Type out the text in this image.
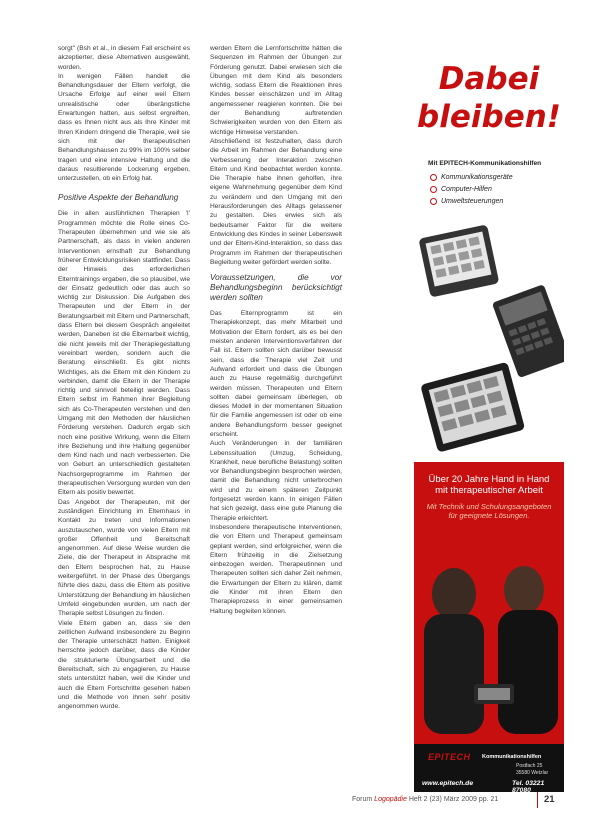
sorgt" (Bsh et al., in diesem Fall erscheint es akzeptierter, diese Alternativen ausgewählt, worden.

In wenigen Fällen handelt die Behandlungsdauer der Eltern verfolgt, die Ursache Erfolge auf einer weil Eltern unrealistische oder überängstliche Erwartungen hatten, aus selbst ergreiften, dass es Ihnen nicht aus als Ihre Kinder mit Ihren Kindern dringend die Therapie, weil sie sich mit der therapeutischen Behandlungshausen zu 99% im 100% selber tragen und eine intensive Haltung und die daraus resultierende Lockerung ergeben, unterzustellen, ob ein Erfolg hat.

Positive Aspekte der Behandlung

Die in allen ausführlichen Therapien 'I' Programmen möchte die Rolle eines Co-Therapeuten übernehmen und wie sie als Partnerschaft, als dass in vielen anderen Interventionen ernsthaft zur Behandlung früherer Entwicklungsrisiken stattfindet. Dass der Hinweis des erforderlichen Elterntrainings ergaben, die so plausibel, wie der Einsatz gedeutlich oder das auch so wichtig zur Diskussion. Die Aufgaben des Therapeuten und der Eltern in der Beratungsarbeit mit Eltern und Partnerschaft, dass Eltern bei diesem Gespräch angeleitet werden, Daneben ist die Elternarbeit wichtig, die nicht jeweils mit der Therapiegestaltung vereinbart werden, sondern auch die Beratung einschließt. Es gibt nichts Wichtiges, als die Eltern mit den Kindern zu verbinden, damit die Eltern in der Therapie richtig und sinnvoll beteiligt werden. Dass Eltern selbst im Rahmen ihrer Begleitung sich als Co-Therapeuten verstehen und den Umgang mit den Methoden der häuslichen Förderung verstehen. Dadurch ergab sich noch eine positive Wirkung, wenn die Eltern ihre Beziehung und ihre Haltung gegenüber dem Kind nach und nach verbesserten. Die von Geburt an unterschiedlich gestalteten Nachsorgeprogramme im Rahmen der therapeutischen Versorgung wurden von den Eltern als positiv bewertet.

Das Angebot der Therapeuten, mit der zuständigen Einrichtung im Elternhaus in Kontakt zu treten und Informationen auszutauschen, wurde von vielen Eltern mit großer Offenheit und Bereitschaft angenommen. Auf diese Weise wurden die Ziele, die der Therapeut in Absprache mit den Eltern besprochen hat, zu Hause weitergeführt. In der Phase des Übergangs führte dies dazu, dass die Eltern als positive Unterstützung der Behandlung im häuslichen Umfeld eingebunden wurden, um nach der Therapie selbst Lösungen zu finden.

Viele Eltern gaben an, dass sie den zeitlichen Aufwand insbesondere zu Beginn der Therapie unterschätzt hatten. Einigkeit herrschte jedoch darüber, dass die Kinder die strukturierte Übungsarbeit und die Bereitschaft, sich zu engagieren, zu Hause stets unterstützt haben, weil die Kinder und auch die Eltern Fortschritte gesehen haben und die Methode von ihnen sehr positiv angenommen wurde.

werden Eltern die Lernfortschritte hätten die Sequenzen im Rahmen der Übungen zur Förderung genutzt. Dabei erwiesen sich die Übungen mit dem Kind als besonders wichtig, sodass Eltern die Reaktionen ihres Kindes besser einschätzen und im Alltag angemessener reagieren konnten. Die bei der Behandlung auftretenden Schwierigkeiten wurden von den Eltern als wichtige Hinweise verstanden.

Abschließend ist festzuhalten, dass durch die Arbeit im Rahmen der Behandlung eine Verbesserung der Interaktion zwischen Eltern und Kind beobachtet werden konnte. Die Therapie habe ihnen geholfen, ihre eigene Wahrnehmung gegenüber dem Kind zu verändern und den Umgang mit den Herausforderungen des Alltags gelassener zu gestalten. Dies erwies sich als bedeutsamer Faktor für die weitere Entwicklung des Kindes in seiner Lebenswelt und der Eltern-Kind-Interaktion, so dass das Programm im Rahmen der therapeutischen Begleitung weiter gefördert werden sollte.

Voraussetzungen, die vor Behandlungsbeginn berücksichtigt werden sollten

Das Elternprogramm ist ein Therapiekonzept, das mehr Mitarbeit und Motivation der Eltern fordert, als es bei den meisten anderen Interventionsverfahren der Fall ist. Eltern sollten sich darüber bewusst sein, dass die Therapie viel Zeit und Aufwand erfordert und dass die Übungen auch zu Hause regelmäßig durchgeführt werden müssen. Therapeuten und Eltern sollten dabei gemeinsam überlegen, ob dieses Modell in der momentanen Situation für die Familie angemessen ist oder ob eine andere Behandlungsform besser geeignet erscheint.

Auch Veränderungen in der familiären Lebenssituation (Umzug, Scheidung, Krankheit, neue berufliche Belastung) sollten vor Behandlungsbeginn besprochen werden, damit die Behandlung nicht unterbrochen wird und zu einem späteren Zeitpunkt fortgesetzt werden kann. In einigen Fällen hat sich gezeigt, dass eine gute Planung die Therapie erleichtert.

Insbesondere therapeutische Interventionen, die von Eltern und Therapeut gemeinsam geplant werden, sind erfolgreicher, wenn die Eltern frühzeitig in die Zielsetzung einbezogen werden. Therapeutinnen und Therapeuten sollten sich daher Zeit nehmen, die Erwartungen der Eltern zu klären, damit die Kinder mit ihren Eltern den Therapieprozess in einer gemeinsamen Haltung begleiten können.

Dabei
bleiben!
Mit EPITECH-Kommunikationshilfen
Kommunikationsgeräte
Computer-Hilfen
Umweltsteuerungen
Talker mit Display
Über 20 Jahre Hand in Hand mit therapeutischer Arbeit
Mit Technik und Schulungsangeboten für geeignete Lösungen.
EPITECH Kommunikationshilfen
Postfach 25
35580 Wetzlar
www.epitech.de	Tel. 03221 87080
Forum Logopädie Heft 2 (23) März 2009 pp. 21	21
